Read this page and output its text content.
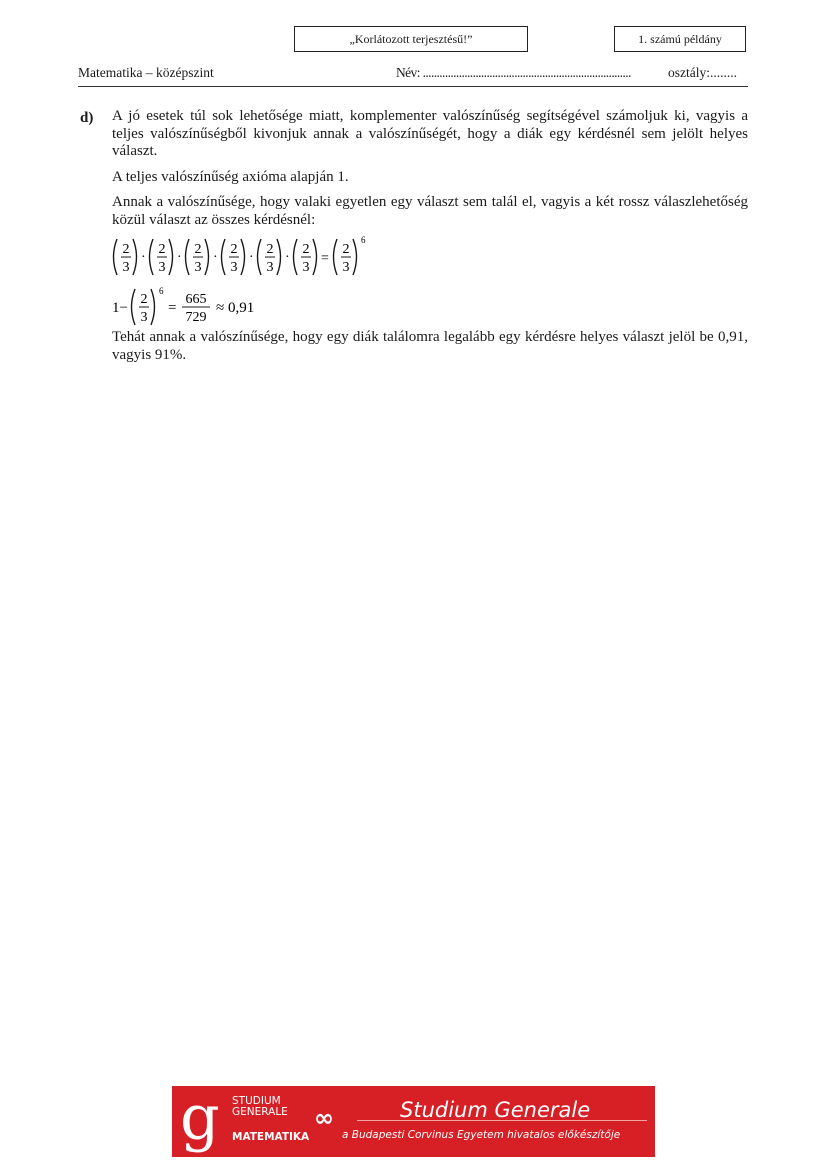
„Korlátozott terjesztésű!”	1. számú példány
Matematika – középszint	Név: ...........................................................................	osztály:........
d) A jó esetek túl sok lehetősége miatt, komplementer valószínűség segítségével számoljuk ki, vagyis a teljes valószínűségből kivonjuk annak a valószínűségét, hogy a diák egy kérdésnél sem jelölt helyes választ.

A teljes valószínűség axióma alapján 1.

Annak a valószínűsége, hogy valaki egyetlen egy választ sem talál el, vagyis a két rossz válaszlehetőség közül választ az összes kérdésnél:

2
3
·
2
3
·
2
3
·
2
3
·
2
3
·
2
3
=
2
3
6
1−
2
3
6
=
665
729
≈ 0,91

Tehát annak a valószínűsége, hogy egy diák találomra legalább egy kérdésre helyes választ jelöl be 0,91, vagyis 91%.

g STUDIUM
GENERALE
MATEMATIKA
∞	Studium Generale
a Budapesti Corvinus Egyetem hivatalos előkészítője
